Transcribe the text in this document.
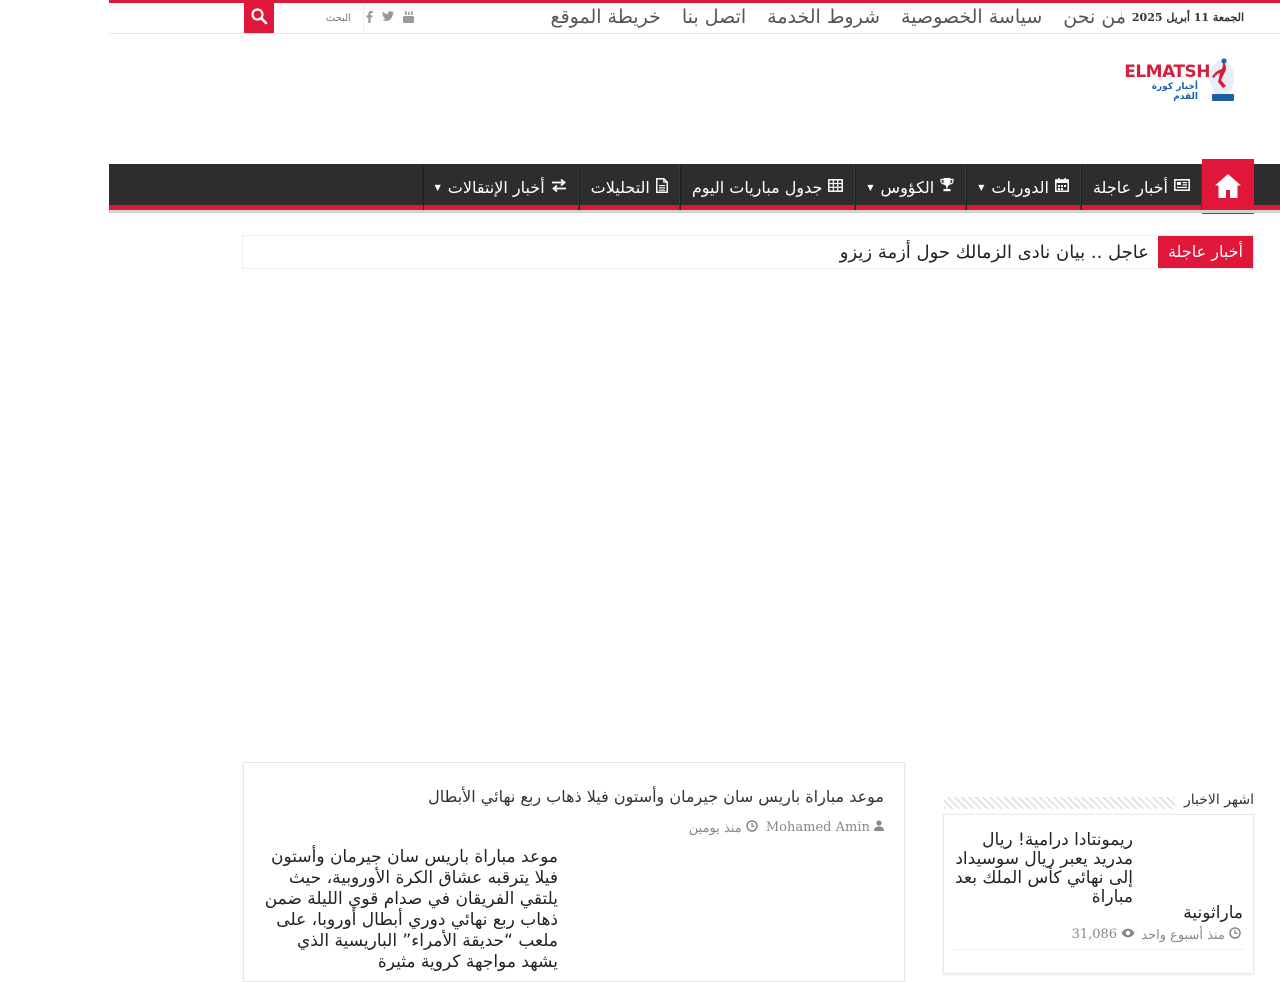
الجمعة 11 أبريل 2025
من نحن
سياسة الخصوصية
شروط الخدمة
اتصل بنا
خريطة الموقع
البحث
ELMATSH
أخبار كورة القدم
أخبار عاجلة
الدوريات
▼
الكؤوس
▼
جدول مباريات اليوم
التحليلات
أخبار الإنتقالات
▼
أخبار عاجلة
عاجل .. بيان نادى الزمالك حول أزمة زيزو
موعد مباراة باريس سان جيرمان وأستون فيلا ذهاب ربع نهائي الأبطال
Mohamed Amin
منذ يومين
موعد مباراة باريس سان جيرمان وأستون فيلا يترقبه عشاق الكرة الأوروبية، حيث يلتقي الفريقان في صدام قوي الليلة ضمن ذهاب ربع نهائي دوري أبطال أوروبا، على ملعب “حديقة الأمراء” الباريسية الذي يشهد مواجهة كروية مثيرة
اشهر الاخبار
ريمونتادا درامية! ريال مدريد يعبر ريال سوسيداد إلى نهائي كأس الملك بعد مباراة
ماراثونية
منذ أسبوع واحد
31,086
